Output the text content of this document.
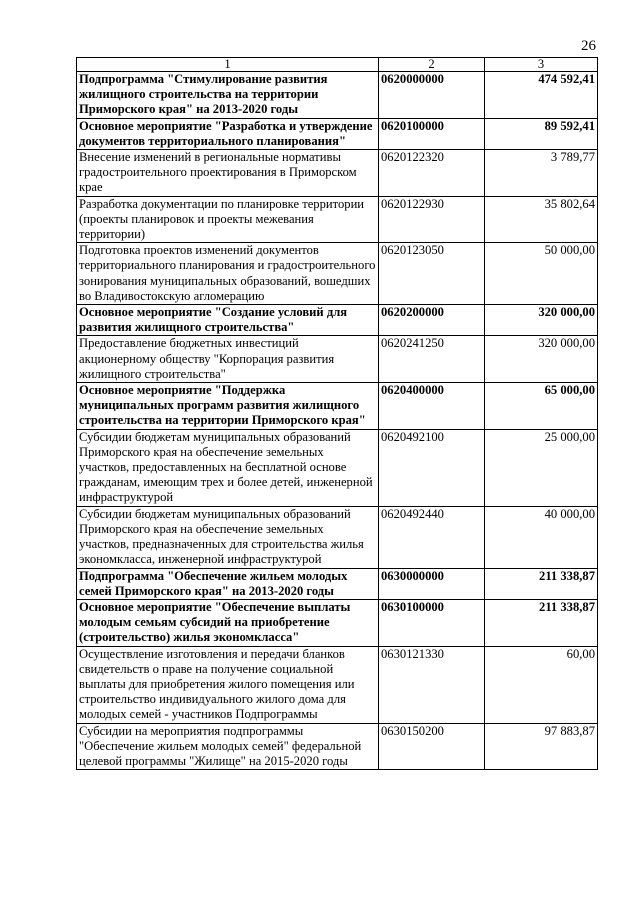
26
1	2	3
Подпрограмма "Стимулирование развития жилищного строительства на территории Приморского края" на 2013-2020 годы	0620000000	474 592,41
Основное мероприятие "Разработка и утверждение документов территориального планирования"	0620100000	89 592,41
Внесение изменений в региональные нормативы градостроительного проектирования в Приморском крае	0620122320	3 789,77
Разработка документации по планировке территории (проекты планировок и проекты межевания территории)	0620122930	35 802,64
Подготовка проектов изменений документов территориального планирования и градостроительного зонирования муниципальных образований, вошедших во Владивостокскую агломерацию	0620123050	50 000,00
Основное мероприятие "Создание условий для развития жилищного строительства"	0620200000	320 000,00
Предоставление бюджетных инвестиций акционерному обществу "Корпорация развития жилищного строительства"	0620241250	320 000,00
Основное мероприятие "Поддержка муниципальных программ развития жилищного строительства на территории Приморского края"	0620400000	65 000,00
Субсидии бюджетам муниципальных образований Приморского края на обеспечение земельных участков, предоставленных на бесплатной основе гражданам, имеющим трех и более детей, инженерной инфраструктурой	0620492100	25 000,00
Субсидии бюджетам муниципальных образований Приморского края на обеспечение земельных участков, предназначенных для строительства жилья экономкласса, инженерной инфраструктурой	0620492440	40 000,00
Подпрограмма "Обеспечение жильем молодых семей Приморского края" на 2013-2020 годы	0630000000	211 338,87
Основное мероприятие "Обеспечение выплаты молодым семьям субсидий на приобретение (строительство) жилья экономкласса"	0630100000	211 338,87
Осуществление изготовления и передачи бланков свидетельств о праве на получение социальной выплаты для приобретения жилого помещения или строительство индивидуального жилого дома для молодых семей - участников Подпрограммы	0630121330	60,00
Субсидии на мероприятия подпрограммы "Обеспечение жильем молодых семей" федеральной целевой программы "Жилище" на 2015-2020 годы	0630150200	97 883,87
